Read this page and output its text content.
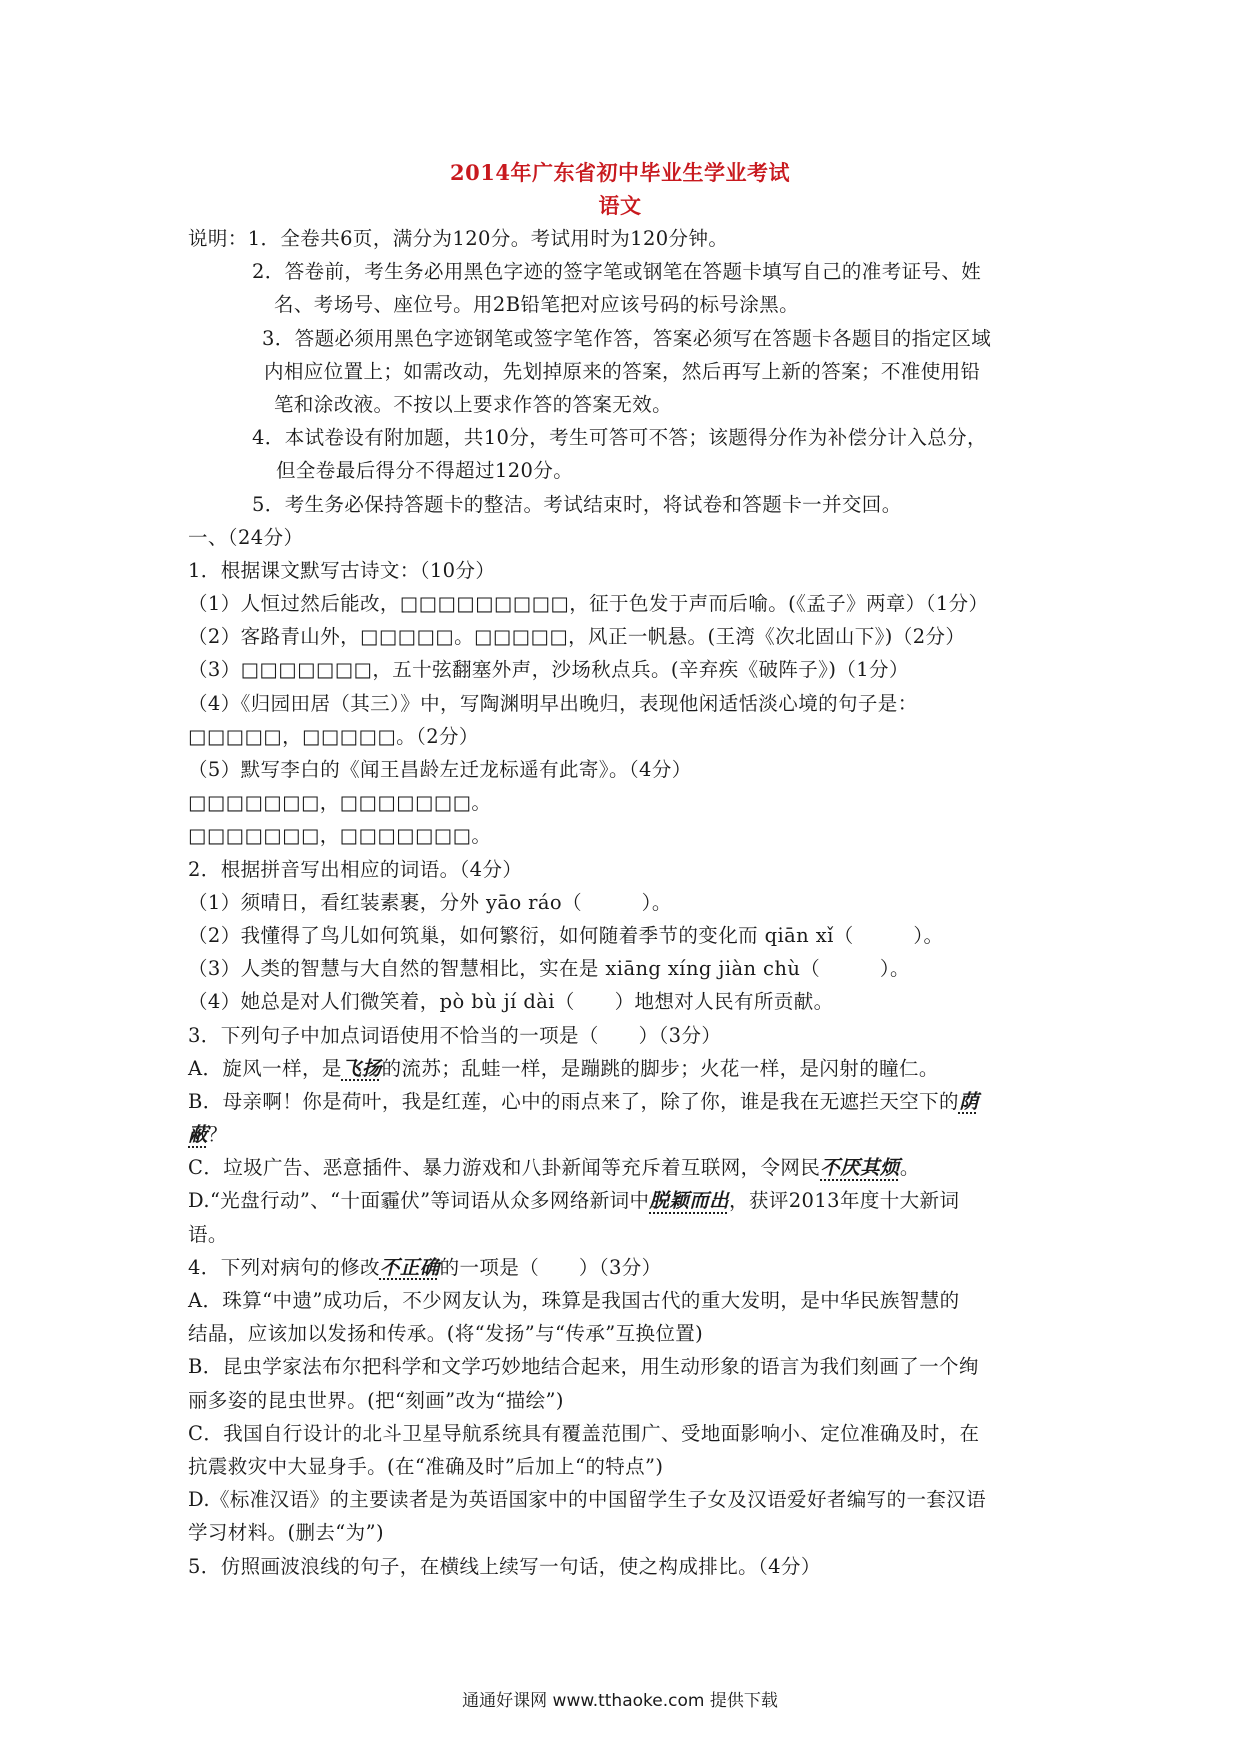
2014年广东省初中毕业生学业考试
语文
说明：1．全卷共6页，满分为120分。考试用时为120分钟。
2．答卷前，考生务必用黑色字迹的签字笔或钢笔在答题卡填写自己的准考证号、姓
名、考场号、座位号。用2B铅笔把对应该号码的标号涂黑。
3．答题必须用黑色字迹钢笔或签字笔作答，答案必须写在答题卡各题目的指定区域
内相应位置上；如需改动，先划掉原来的答案，然后再写上新的答案；不准使用铅
笔和涂改液。不按以上要求作答的答案无效。
4．本试卷设有附加题，共10分，考生可答可不答；该题得分作为补偿分计入总分，
但全卷最后得分不得超过120分。
5．考生务必保持答题卡的整洁。考试结束时，将试卷和答题卡一并交回。
一、（24分）
1．根据课文默写古诗文：（10分）
（1）人恒过然后能改，□□□□□□□□□，征于色发于声而后喻。(《孟子》两章）（1分）
（2）客路青山外，□□□□□。□□□□□，风正一帆悬。(王湾《次北固山下》)（2分）
（3）□□□□□□□，五十弦翻塞外声，沙场秋点兵。(辛弃疾《破阵子》)（1分）
（4）《归园田居（其三）》中，写陶渊明早出晚归，表现他闲适恬淡心境的句子是：
□□□□□，□□□□□。（2分）
（5）默写李白的《闻王昌龄左迁龙标遥有此寄》。（4分）
□□□□□□□，□□□□□□□。
□□□□□□□，□□□□□□□。
2．根据拼音写出相应的词语。（4分）
（1）须晴日，看红装素裹，分外 yāo ráo（　　　）。
（2）我懂得了鸟儿如何筑巢，如何繁衍，如何随着季节的变化而 qiān xǐ（　　　）。
（3）人类的智慧与大自然的智慧相比，实在是 xiāng xíng jiàn chù（　　　）。
（4）她总是对人们微笑着，pò bù jí dài（　　）地想对人民有所贡献。
3．下列句子中加点词语使用不恰当的一项是（　　）（3分）
A．旋风一样，是飞扬的流苏；乱蛙一样，是蹦跳的脚步；火花一样，是闪射的瞳仁。
B．母亲啊！你是荷叶，我是红莲，心中的雨点来了，除了你，谁是我在无遮拦天空下的荫
蔽？
C．垃圾广告、恶意插件、暴力游戏和八卦新闻等充斥着互联网，令网民不厌其烦。
D.“光盘行动”、“十面霾伏”等词语从众多网络新词中脱颖而出，获评2013年度十大新词
语。
4．下列对病句的修改不正确的一项是（　　）（3分）
A．珠算“中遗”成功后，不少网友认为，珠算是我国古代的重大发明，是中华民族智慧的
结晶，应该加以发扬和传承。(将“发扬”与“传承”互换位置)
B．昆虫学家法布尔把科学和文学巧妙地结合起来，用生动形象的语言为我们刻画了一个绚
丽多姿的昆虫世界。(把“刻画”改为“描绘”)
C．我国自行设计的北斗卫星导航系统具有覆盖范围广、受地面影响小、定位准确及时，在
抗震救灾中大显身手。(在“准确及时”后加上“的特点”)
D.《标准汉语》的主要读者是为英语国家中的中国留学生子女及汉语爱好者编写的一套汉语
学习材料。(删去“为”)
5．仿照画波浪线的句子，在横线上续写一句话，使之构成排比。（4分）
通通好课网 www.tthaoke.com 提供下载
